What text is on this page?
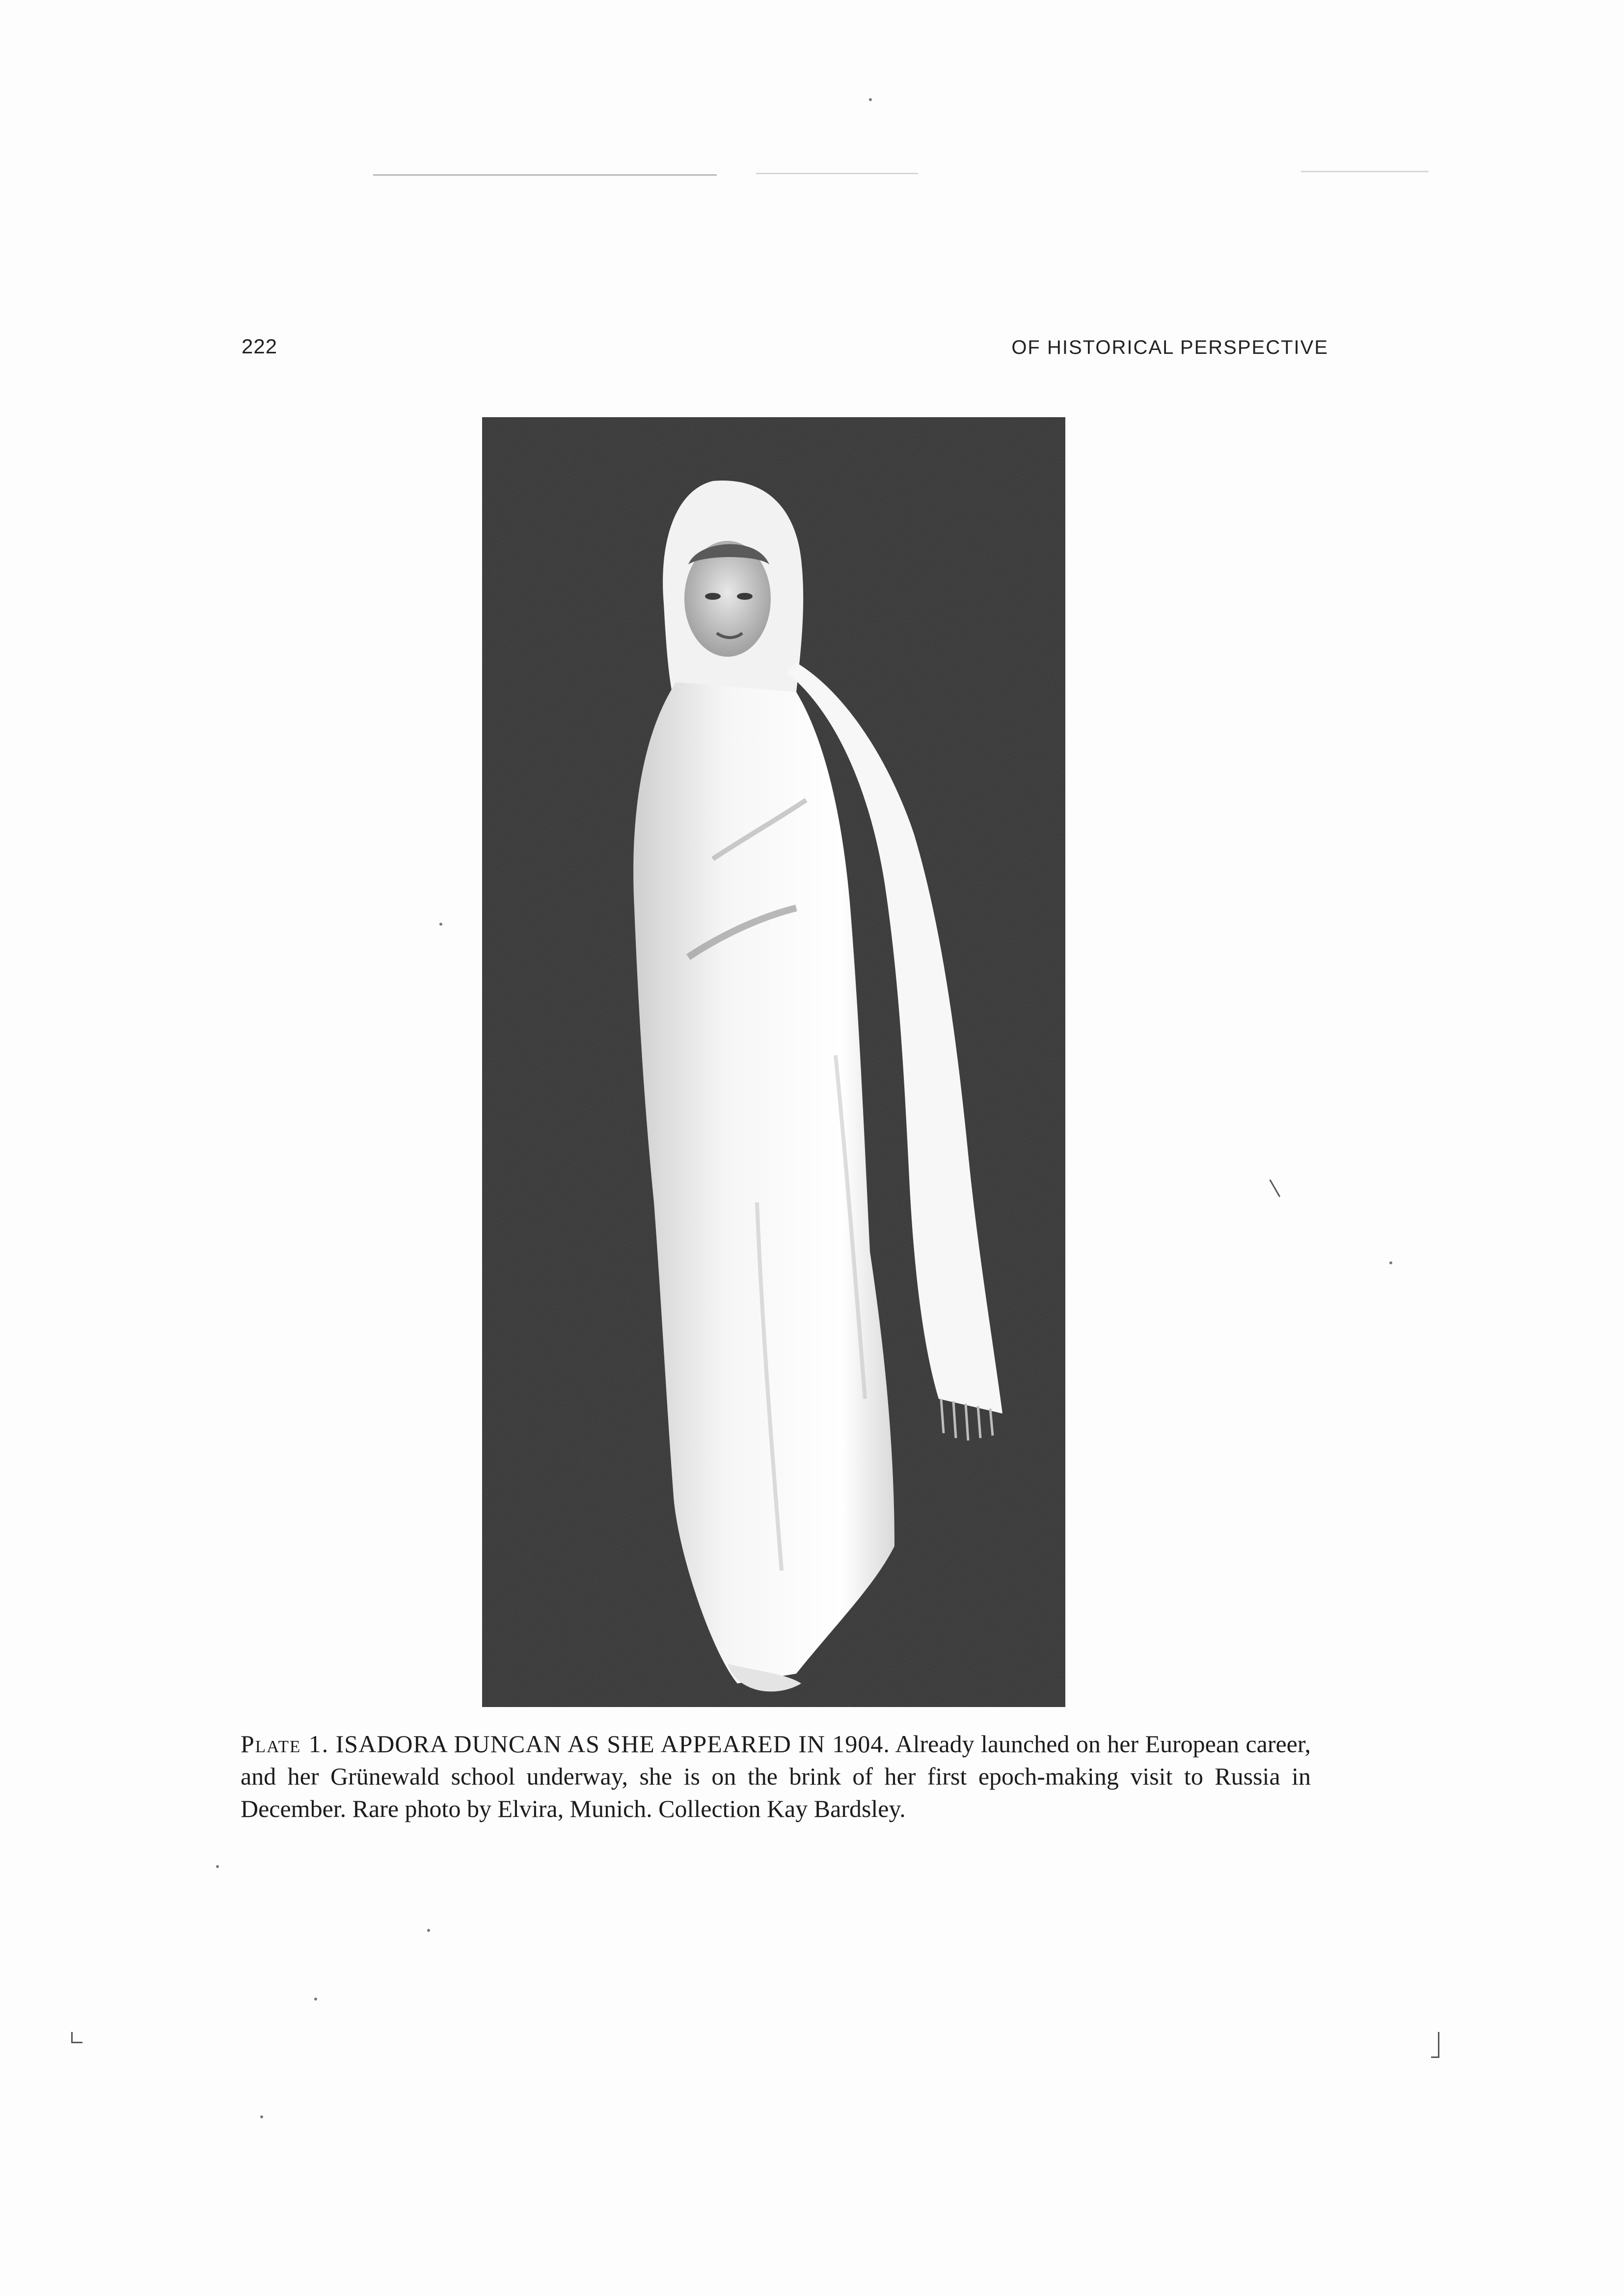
222	OF HISTORICAL PERSPECTIVE
Plate 1. ISADORA DUNCAN AS SHE APPEARED IN 1904. Already launched on her European career, and her Grünewald school underway, she is on the brink of her first epoch-making visit to Russia in December. Rare photo by Elvira, Munich. Collection Kay Bardsley.
